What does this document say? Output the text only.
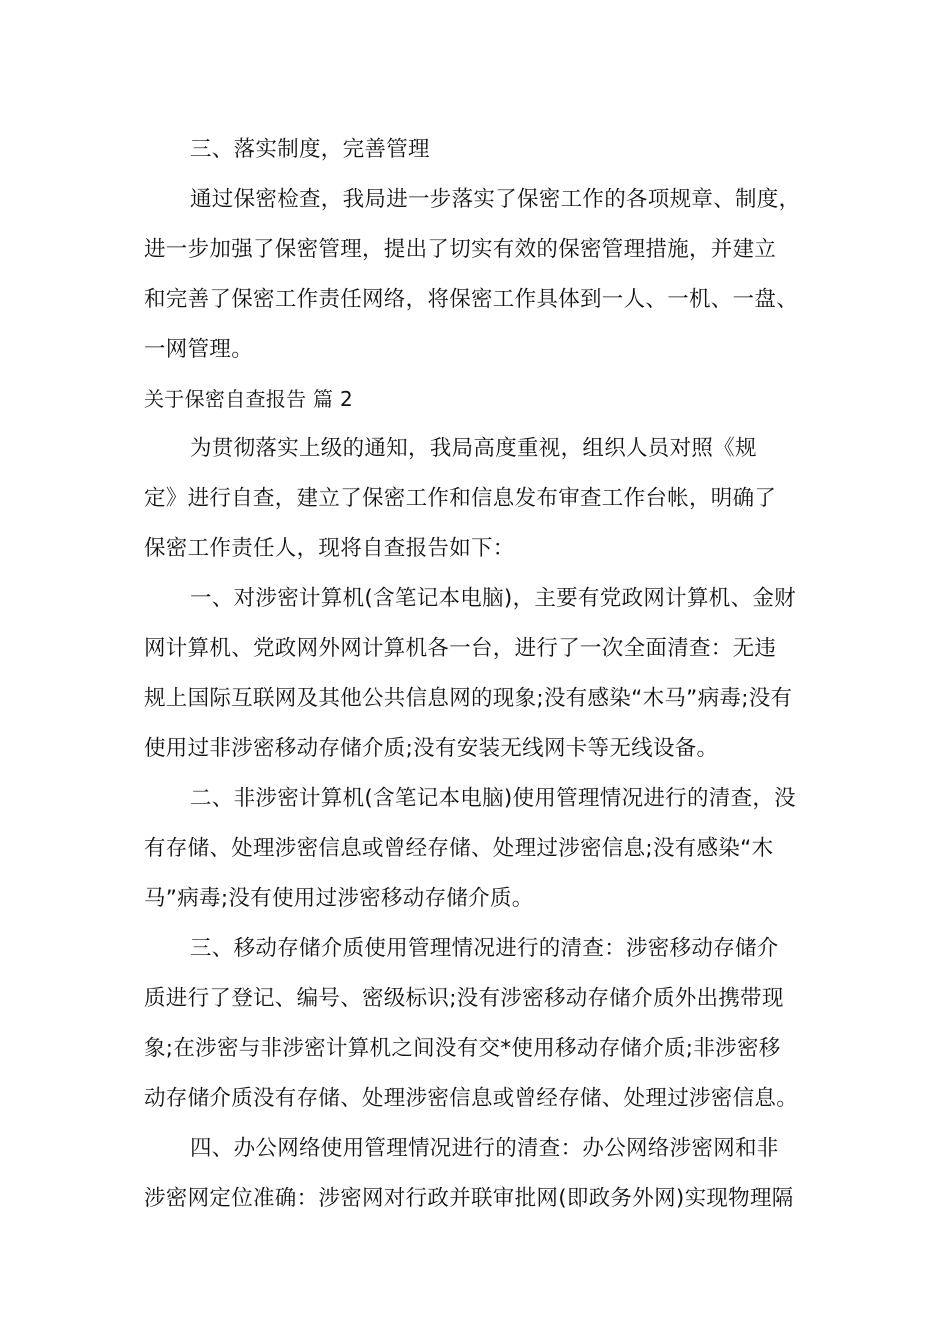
三、落实制度，完善管理
通过保密检查，我局进一步落实了保密工作的各项规章、制度，
进一步加强了保密管理，提出了切实有效的保密管理措施，并建立
和完善了保密工作责任网络，将保密工作具体到一人、一机、一盘、
一网管理。
关于保密自查报告 篇 2
为贯彻落实上级的通知，我局高度重视，组织人员对照《规
定》进行自查，建立了保密工作和信息发布审查工作台帐，明确了
保密工作责任人，现将自查报告如下：
一、对涉密计算机(含笔记本电脑)，主要有党政网计算机、金财
网计算机、党政网外网计算机各一台，进行了一次全面清查：无违
规上国际互联网及其他公共信息网的现象;没有感染“木马”病毒;没有
使用过非涉密移动存储介质;没有安装无线网卡等无线设备。
二、非涉密计算机(含笔记本电脑)使用管理情况进行的清查，没
有存储、处理涉密信息或曾经存储、处理过涉密信息;没有感染“木
马”病毒;没有使用过涉密移动存储介质。
三、移动存储介质使用管理情况进行的清查：涉密移动存储介
质进行了登记、编号、密级标识;没有涉密移动存储介质外出携带现
象;在涉密与非涉密计算机之间没有交*使用移动存储介质;非涉密移
动存储介质没有存储、处理涉密信息或曾经存储、处理过涉密信息。
四、办公网络使用管理情况进行的清查：办公网络涉密网和非
涉密网定位准确：涉密网对行政并联审批网(即政务外网)实现物理隔
